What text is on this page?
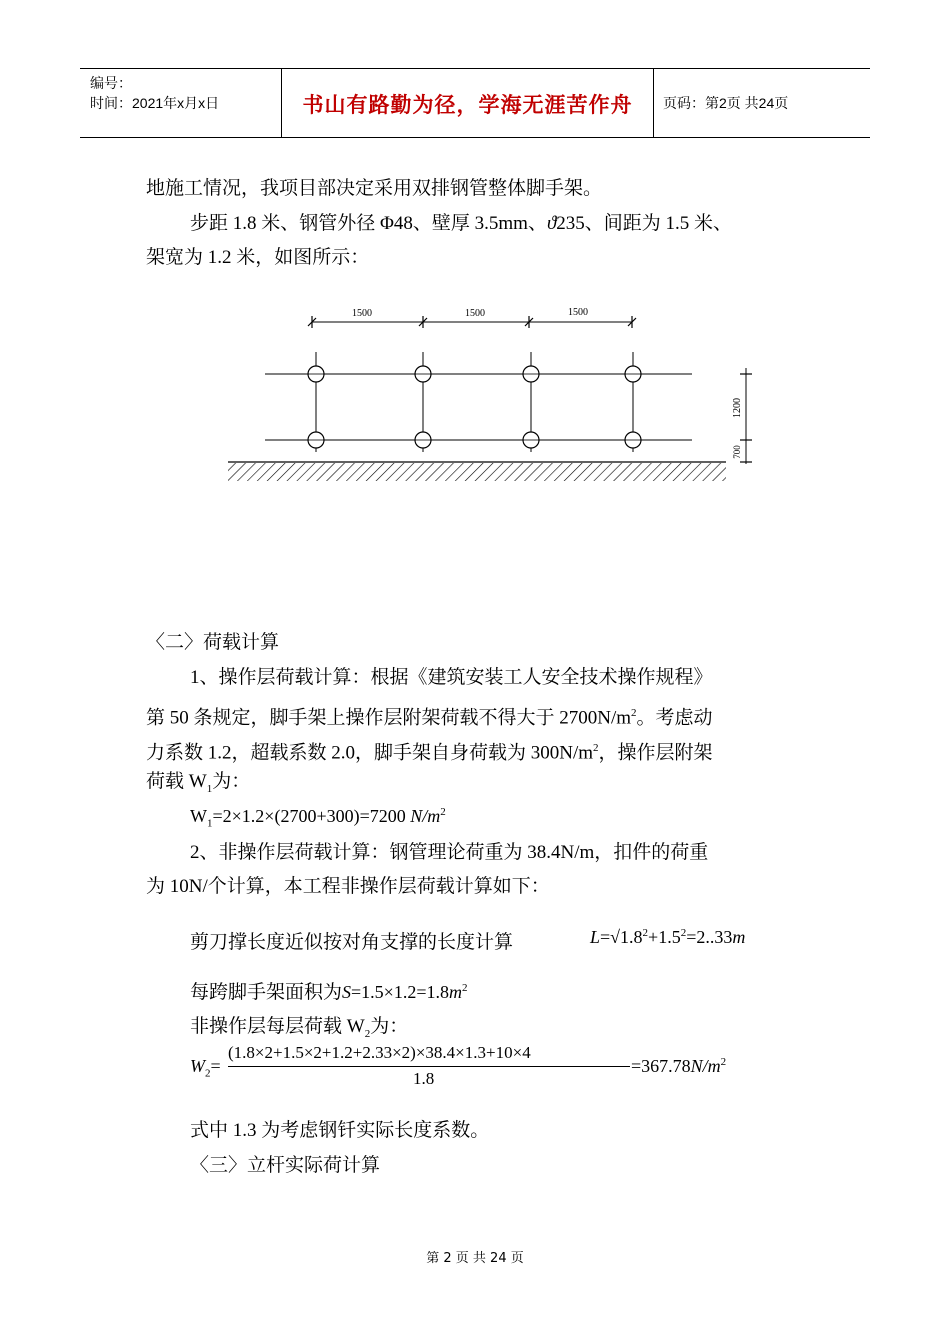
编号：
时间：2021年x月x日	书山有路勤为径，学海无涯苦作舟	页码：第2页 共24页
地施工情况，我项目部决定采用双排钢管整体脚手架。
步距 1.8 米、钢管外径 Φ48、壁厚 3.5mm、ϑ235、间距为 1.5 米、
架宽为 1.2 米，如图所示：
1500	1500	1500
1200
700
〈二〉荷载计算
1、操作层荷载计算：根据《建筑安装工人安全技术操作规程》
第 50 条规定，脚手架上操作层附架荷载不得大于 $2700N/m^2$。考虑动
力系数 1.2，超载系数 2.0，脚手架自身荷载为 $300N/m^2$，操作层附架
荷载 $W_1$为：
$W_1=2\times 1.2\times(2700+300)=7200$ $N/m^2$
2、非操作层荷载计算：钢管理论荷重为 38.4N/m，扣件的荷重
为 10N/个计算，本工程非操作层荷载计算如下：
剪刀撑长度近似按对角支撑的长度计算	$L=√1.8^2+1.5^2=2..33m$
每跨脚手架面积为$S=1.5\times 1.2=1.8m^2$
非操作层每层荷载 $W_2$为：
$W_2=$
(1.8×2+1.5×2+1.2+2.33×2)×38.4×1.3+10×4
1.8
$=367.78N/m^2$
式中 1.3 为考虑钢钎实际长度系数。
〈三〉立杆实际荷计算
第 2 页 共 24 页
